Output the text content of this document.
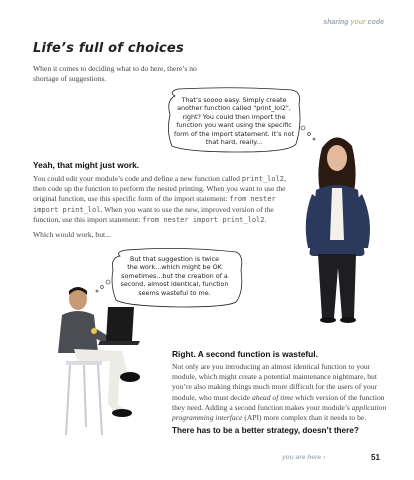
sharing your code
Life’s full of choices
When it comes to deciding what to do here, there’s no shortage of suggestions.
That’s soooo easy. Simply create
another function called "print_lol2",
right? You could then import the
function you want using the specific
form of the import statement. It’s not
that hard, really...
Yeah, that might just work.
You could edit your module’s code and define a new function called print_lol2, then code up the function to perform the nested printing. When you want to use the original function, use this specific form of the import statement: from nester import print_lol. When you want to use the new, improved version of the function, use this import statement: from nester import print_lol2.
Which would work, but...
But that suggestion is twice
the work...which might be OK
sometimes...but the creation of a
second, almost identical, function
seems wasteful to me.
Right. A second function is wasteful.
Not only are you introducing an almost identical function to your module, which might create a potential maintenance nightmare, but you’re also making things much more difficult for the users of your module, who must decide ahead of time which version of the function they need. Adding a second function makes your module’s application programming interface (API) more complex than it needs to be.
There has to be a better strategy, doesn’t there?
you are here ›	51
